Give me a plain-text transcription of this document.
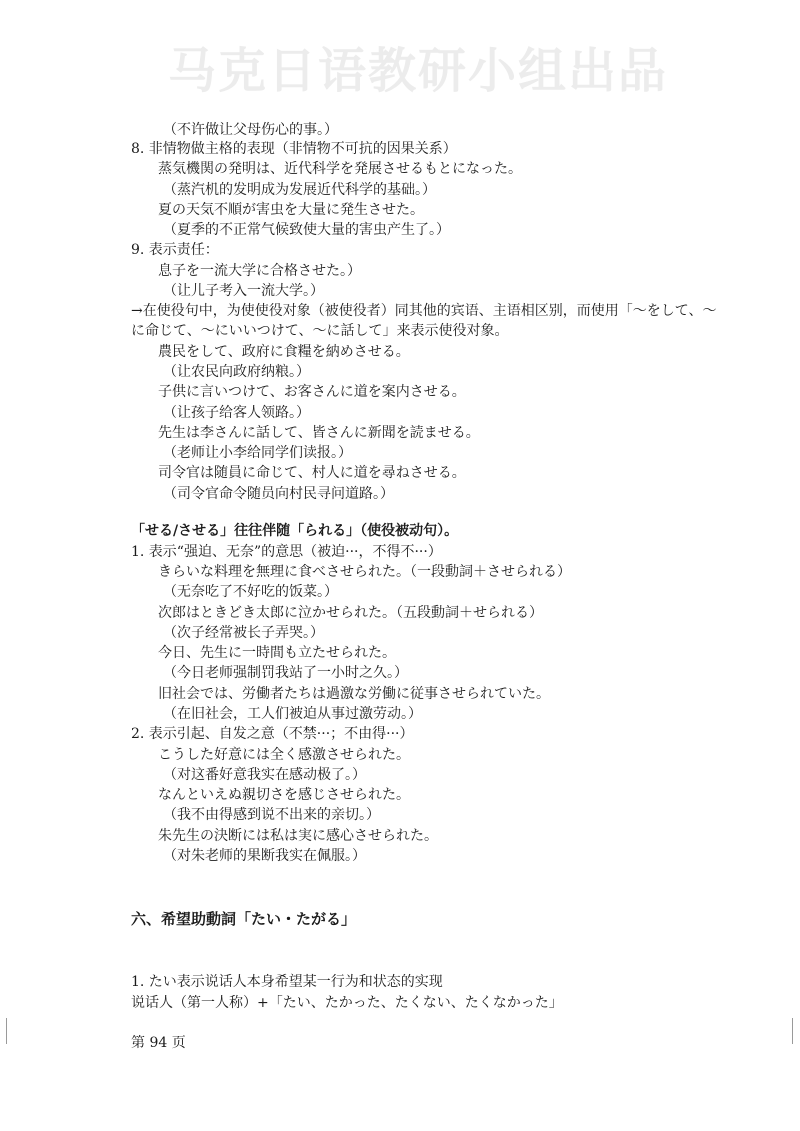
马克日语教研小组出品
（不许做让父母伤心的事。）
8. 非情物做主格的表现（非情物不可抗的因果关系）
蒸気機関の発明は、近代科学を発展させるもとになった。
（蒸汽机的发明成为发展近代科学的基础。）
夏の天気不順が害虫を大量に発生させた。
（夏季的不正常气候致使大量的害虫产生了。）
9. 表示责任：
息子を一流大学に合格させた。）
（让儿子考入一流大学。）
→在使役句中，为使使役对象（被使役者）同其他的宾语、主语相区别，而使用「～をして、～
に命じて、～にいいつけて、～に話して」来表示使役对象。
農民をして、政府に食糧を納めさせる。
（让农民向政府纳粮。）
子供に言いつけて、お客さんに道を案内させる。
（让孩子给客人领路。）
先生は李さんに話して、皆さんに新聞を読ませる。
（老师让小李给同学们读报。）
司令官は随員に命じて、村人に道を尋ねさせる。
（司令官命令随员向村民寻问道路。）
「せる/させる」往往伴随「られる」（使役被动句）。
1. 表示“强迫、无奈”的意思（被迫···，不得不···）
きらいな料理を無理に食べさせられた。（一段動詞＋させられる）
（无奈吃了不好吃的饭菜。）
次郎はときどき太郎に泣かせられた。（五段動詞＋せられる）
（次子经常被长子弄哭。）
今日、先生に一時間も立たせられた。
（今日老师强制罚我站了一小时之久。）
旧社会では、労働者たちは過激な労働に従事させられていた。
（在旧社会，工人们被迫从事过激劳动。）
2. 表示引起、自发之意（不禁···；不由得···）
こうした好意には全く感激させられた。
（对这番好意我实在感动极了。）
なんといえぬ親切さを感じさせられた。
（我不由得感到说不出来的亲切。）
朱先生の決断には私は実に感心させられた。
（对朱老师的果断我实在佩服。）
六、希望助動詞「たい・たがる」
1. たい表示说话人本身希望某一行为和状态的实现
说话人（第一人称）+「たい、たかった、たくない、たくなかった」
第 94 页
